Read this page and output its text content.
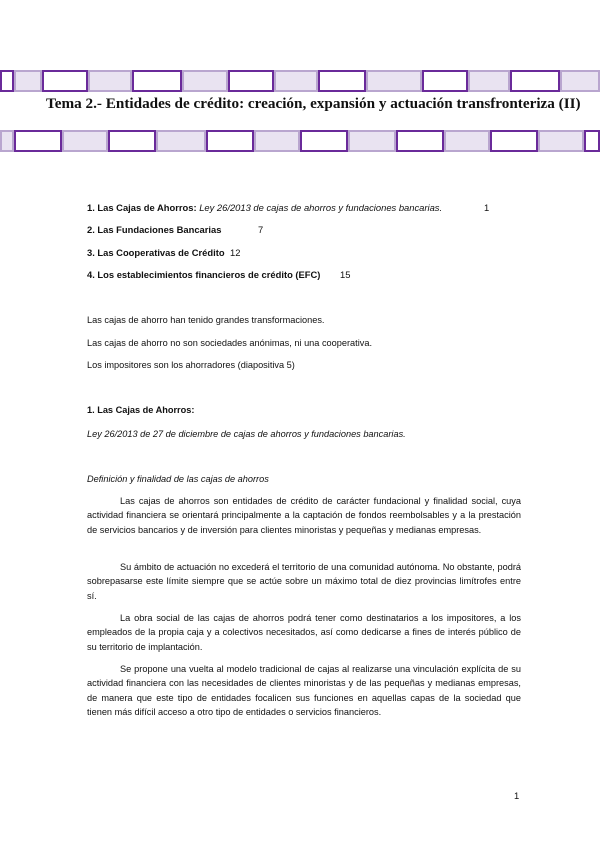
Tema 2.- Entidades de crédito: creación, expansión y actuación transfronteriza (II)
1. Las Cajas de Ahorros: Ley 26/2013 de cajas de ahorros y fundaciones bancarias.	1
2. Las Fundaciones Bancarias	7
3. Las Cooperativas de Crédito 12
4. Los establecimientos financieros de crédito (EFC) 15
Las cajas de ahorro han tenido grandes transformaciones.
Las cajas de ahorro no son sociedades anónimas, ni una cooperativa.
Los impositores son los ahorradores (diapositiva 5)
1. Las Cajas de Ahorros:
Ley 26/2013 de 27 de diciembre de cajas de ahorros y fundaciones bancarias.
Definición y finalidad de las cajas de ahorros
Las cajas de ahorros son entidades de crédito de carácter fundacional y finalidad social, cuya actividad financiera se orientará principalmente a la captación de fondos reembolsables y a la prestación de servicios bancarios y de inversión para clientes minoristas y pequeñas y medianas empresas.
Su ámbito de actuación no excederá el territorio de una comunidad autónoma. No obstante, podrá sobrepasarse este límite siempre que se actúe sobre un máximo total de diez provincias limítrofes entre sí.
La obra social de las cajas de ahorros podrá tener como destinatarios a los impositores, a los empleados de la propia caja y a colectivos necesitados, así como dedicarse a fines de interés público de su territorio de implantación.
Se propone una vuelta al modelo tradicional de cajas al realizarse una vinculación explícita de su actividad financiera con las necesidades de clientes minoristas y de las pequeñas y medianas empresas, de manera que este tipo de entidades focalicen sus funciones en aquellas capas de la sociedad que tienen más difícil acceso a otro tipo de entidades o servicios financieros.
1
